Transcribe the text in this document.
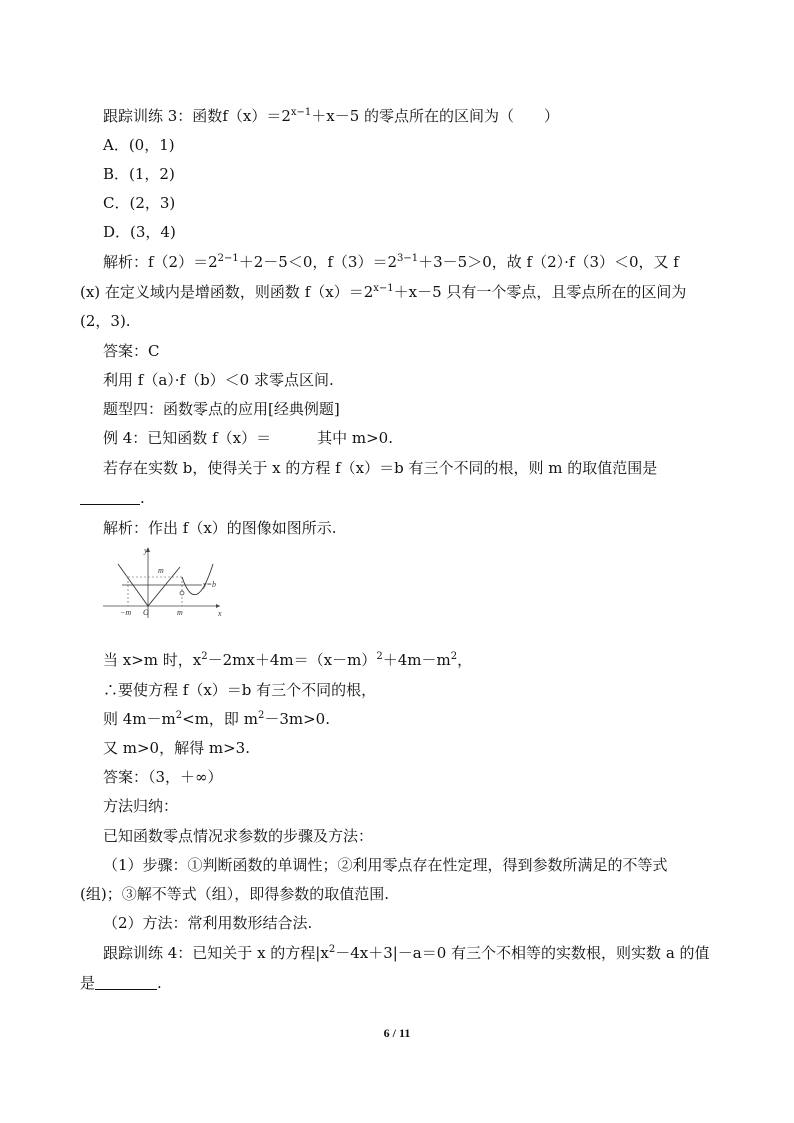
跟踪训练 3：函数$f(x)=2^{x-1}+x-5$ 的零点所在的区间为（　　）
A．(0，1)
B．(1，2)
C．(2，3)
D．(3，4)
解析：$f(2)=2^{2-1}+2-5<0$，$f(3)=2^{3-1}+3-5>0$，故 f（2）·f（3）＜0，又 f
(x) 在定义域内是增函数，则函数 $f(x)=2^{x-1}+x-5$ 只有一个零点，且零点所在的区间为
(2，3).
答案：C
利用 f（a）·f（b）＜0 求零点区间.
题型四：函数零点的应用[经典例题]
例 4：已知函数 f（x）＝	其中 m>0.
若存在实数 b，使得关于 x 的方程 f（x）＝b 有三个不同的根，则 m 的取值范围是
.
解析：作出 f（x）的图像如图所示.
y
x
O
m
−m	m
y=b
当 x>m 时，$x^2-2mx+4m=(x-m)^2+4m-m^2$，
∴要使方程 f（x）＝b 有三个不同的根，
则 $4m-m^2<m$，即 $m^2-3m>0$.
又 m>0，解得 m>3.
答案：（3，＋∞）
方法归纳：
已知函数零点情况求参数的步骤及方法：
（1）步骤：①判断函数的单调性；②利用零点存在性定理，得到参数所满足的不等式
(组)；③解不等式（组），即得参数的取值范围.
（2）方法：常利用数形结合法.
跟踪训练 4：已知关于 x 的方程$|x^2-4x+3|-a=0$ 有三个不相等的实数根，则实数 a 的值
是	.
6 / 11
